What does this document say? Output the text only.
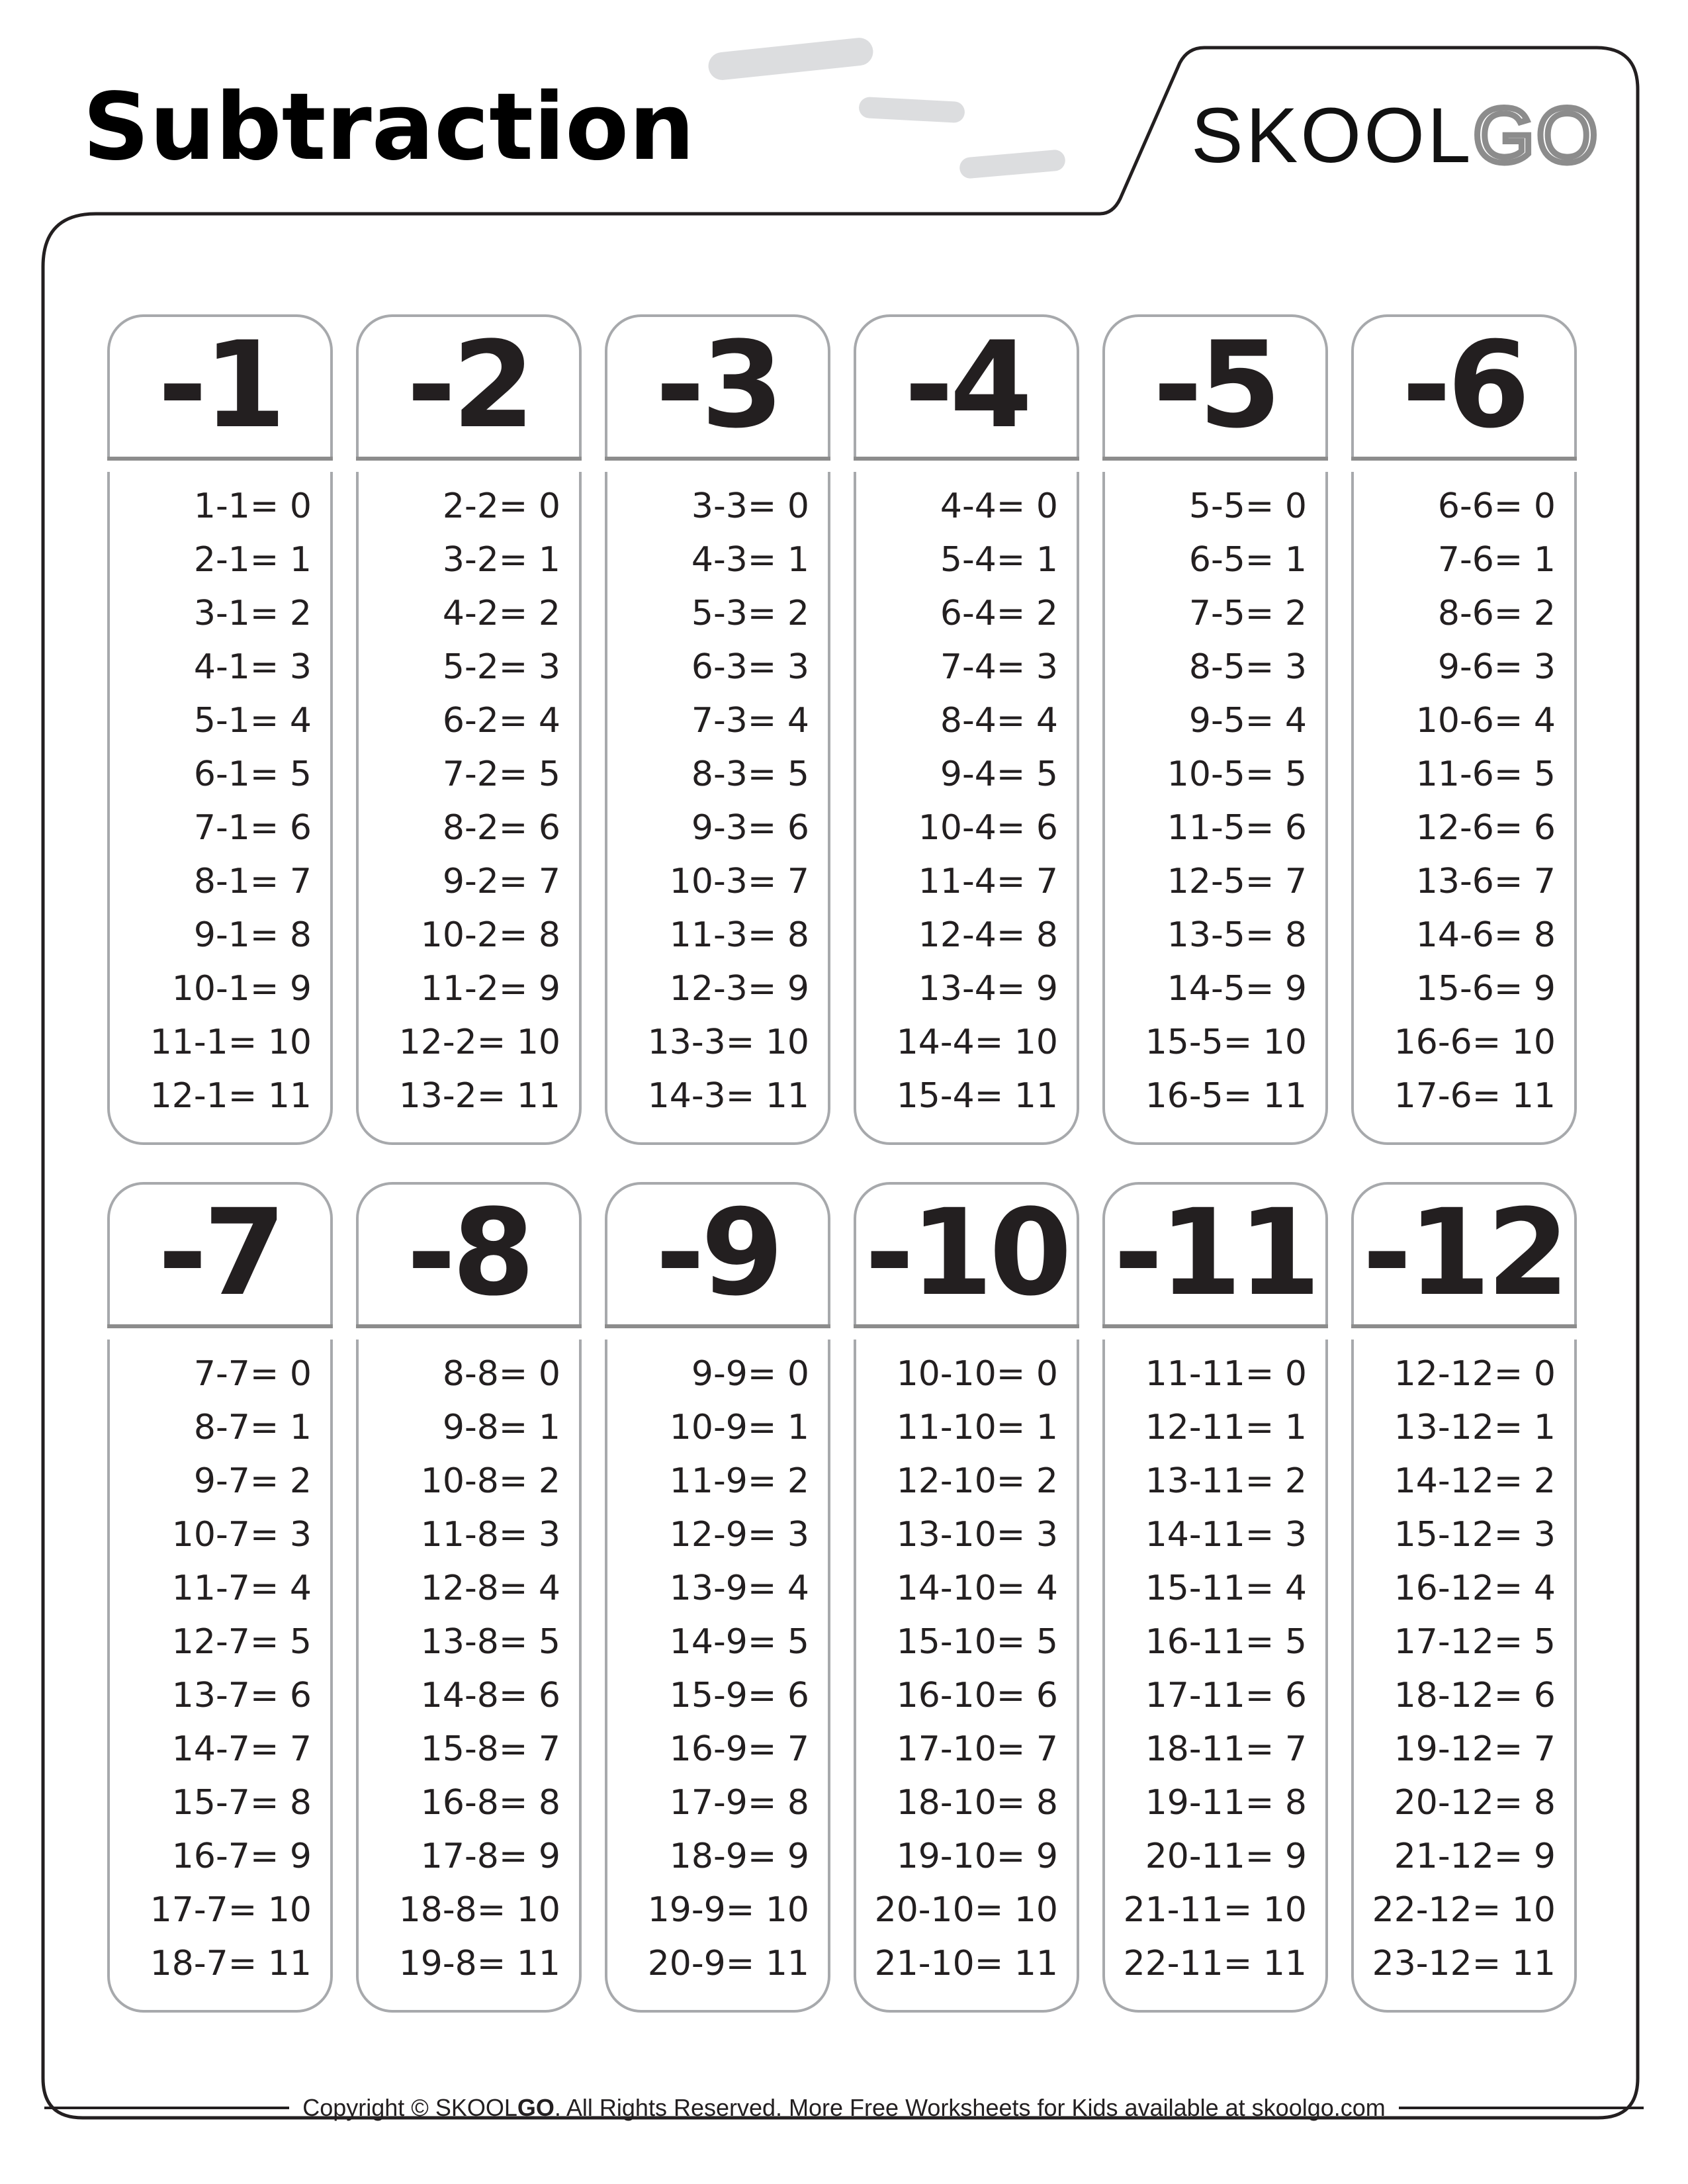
Subtraction	SKOOL GO
-1
1-1= 0
2-1= 1
3-1= 2
4-1= 3
5-1= 4
6-1= 5
7-1= 6
8-1= 7
9-1= 8
10-1= 9
11-1= 10
12-1= 11
-2
2-2= 0
3-2= 1
4-2= 2
5-2= 3
6-2= 4
7-2= 5
8-2= 6
9-2= 7
10-2= 8
11-2= 9
12-2= 10
13-2= 11
-3
3-3= 0
4-3= 1
5-3= 2
6-3= 3
7-3= 4
8-3= 5
9-3= 6
10-3= 7
11-3= 8
12-3= 9
13-3= 10
14-3= 11
-4
4-4= 0
5-4= 1
6-4= 2
7-4= 3
8-4= 4
9-4= 5
10-4= 6
11-4= 7
12-4= 8
13-4= 9
14-4= 10
15-4= 11
-5
5-5= 0
6-5= 1
7-5= 2
8-5= 3
9-5= 4
10-5= 5
11-5= 6
12-5= 7
13-5= 8
14-5= 9
15-5= 10
16-5= 11
-6
6-6= 0
7-6= 1
8-6= 2
9-6= 3
10-6= 4
11-6= 5
12-6= 6
13-6= 7
14-6= 8
15-6= 9
16-6= 10
17-6= 11
-7
7-7= 0
8-7= 1
9-7= 2
10-7= 3
11-7= 4
12-7= 5
13-7= 6
14-7= 7
15-7= 8
16-7= 9
17-7= 10
18-7= 11
-8
8-8= 0
9-8= 1
10-8= 2
11-8= 3
12-8= 4
13-8= 5
14-8= 6
15-8= 7
16-8= 8
17-8= 9
18-8= 10
19-8= 11
-9
9-9= 0
10-9= 1
11-9= 2
12-9= 3
13-9= 4
14-9= 5
15-9= 6
16-9= 7
17-9= 8
18-9= 9
19-9= 10
20-9= 11
-10
10-10= 0
11-10= 1
12-10= 2
13-10= 3
14-10= 4
15-10= 5
16-10= 6
17-10= 7
18-10= 8
19-10= 9
20-10= 10
21-10= 11
-11
11-11= 0
12-11= 1
13-11= 2
14-11= 3
15-11= 4
16-11= 5
17-11= 6
18-11= 7
19-11= 8
20-11= 9
21-11= 10
22-11= 11
-12
12-12= 0
13-12= 1
14-12= 2
15-12= 3
16-12= 4
17-12= 5
18-12= 6
19-12= 7
20-12= 8
21-12= 9
22-12= 10
23-12= 11
Copyright © SKOOLGO. All Rights Reserved. More Free Worksheets for Kids available at skoolgo.com
